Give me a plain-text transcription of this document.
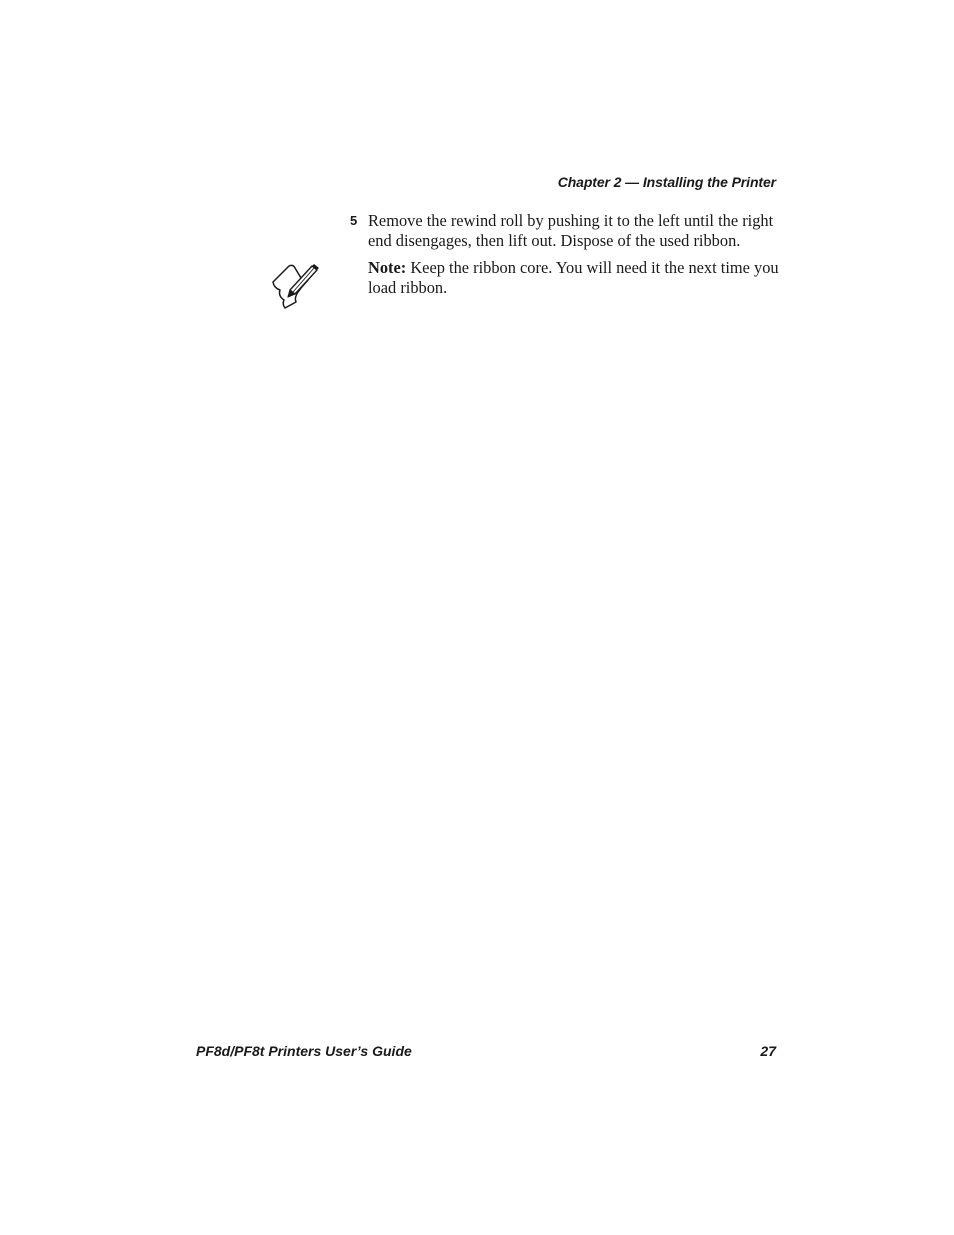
Chapter 2 — Installing the Printer
5 Remove the rewind roll by pushing it to the left until the right end disengages, then lift out. Dispose of the used ribbon.
Note: Keep the ribbon core. You will need it the next time you load ribbon.
PF8d/PF8t Printers User’s Guide	27
